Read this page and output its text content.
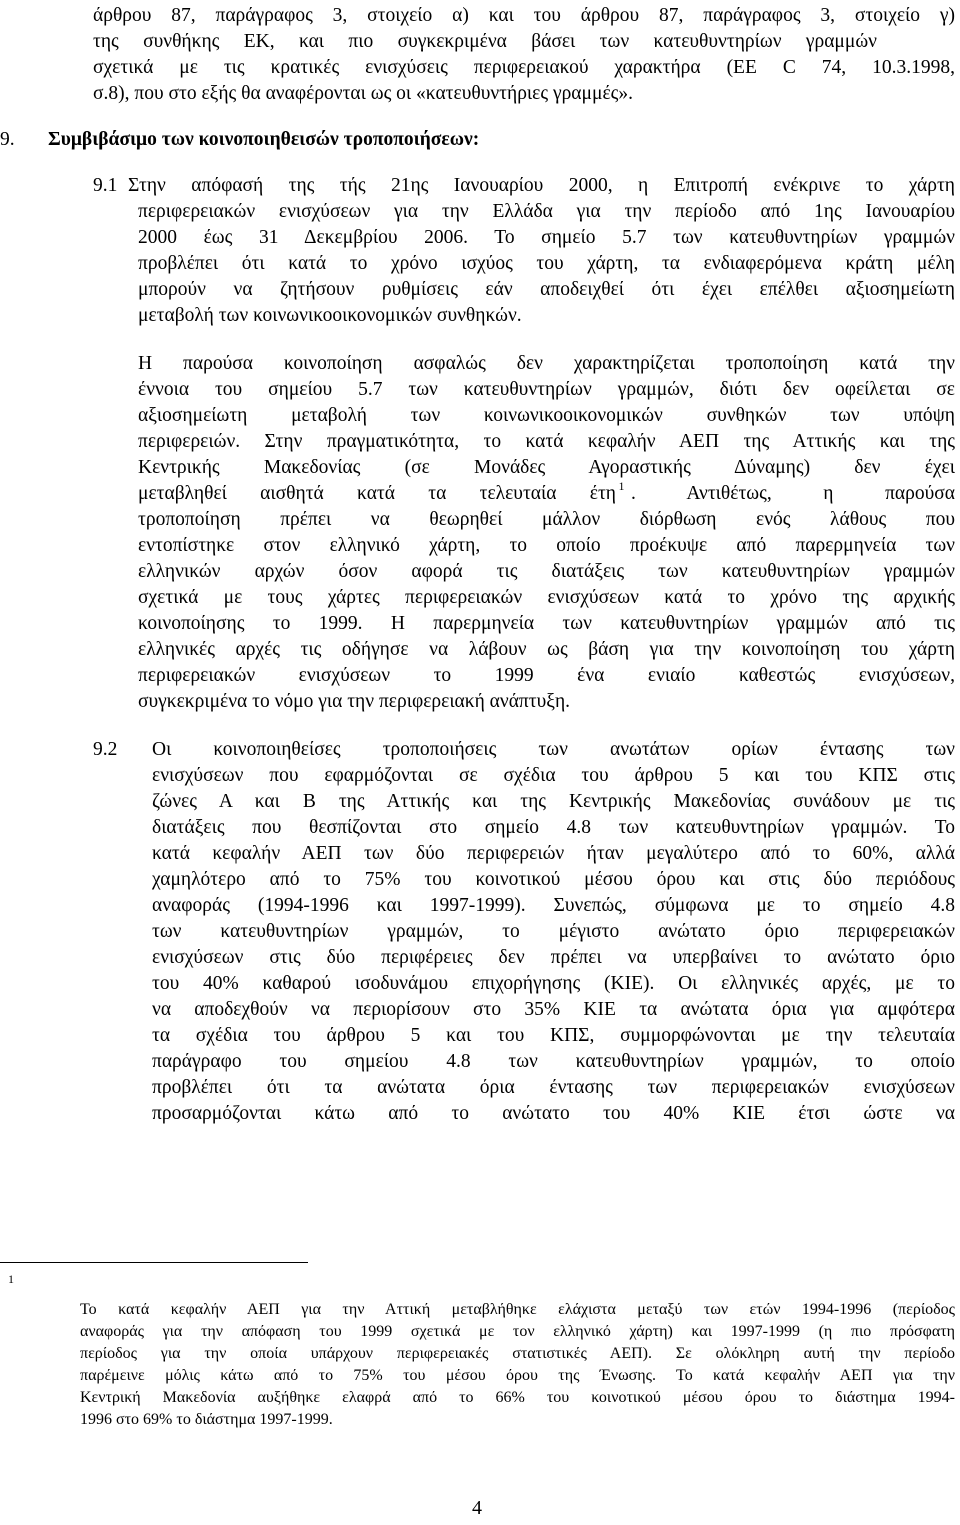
άρθρου 87, παράγραφος 3, στοιχείο α) και του άρθρου 87, παράγραφος 3, στοιχείο γ)
της συνθήκης ΕΚ, και πιο συγκεκριμένα βάσει των κατευθυντηρίων γραμμών
σχετικά με τις κρατικές ενισχύσεις περιφερειακού χαρακτήρα (ΕΕ C 74, 10.3.1998,
σ.8), που στο εξής θα αναφέρονται ως οι «κατευθυντήριες γραμμές».
9. Συμβιβάσιμο των κοινοποιηθεισών τροποποιήσεων:
9.1 Στην απόφασή της τής 21ης Ιανουαρίου 2000, η Επιτροπή ενέκρινε το χάρτη
περιφερειακών ενισχύσεων για την Ελλάδα για την περίοδο από 1ης Ιανουαρίου
2000 έως 31 Δεκεμβρίου 2006. Το σημείο 5.7 των κατευθυντηρίων γραμμών
προβλέπει ότι κατά το χρόνο ισχύος του χάρτη, τα ενδιαφερόμενα κράτη μέλη
μπορούν να ζητήσουν ρυθμίσεις εάν αποδειχθεί ότι έχει επέλθει αξιοσημείωτη
μεταβολή των κοινωνικοοικονομικών συνθηκών.
Η παρούσα κοινοποίηση ασφαλώς δεν χαρακτηρίζεται τροποποίηση κατά την
έννοια του σημείου 5.7 των κατευθυντηρίων γραμμών, διότι δεν οφείλεται σε
αξιοσημείωτη μεταβολή των κοινωνικοοικονομικών συνθηκών των υπόψη
περιφερειών. Στην πραγματικότητα, το κατά κεφαλήν ΑΕΠ της Αττικής και της
Κεντρικής Μακεδονίας (σε Μονάδες Αγοραστικής Δύναμης) δεν έχει
μεταβληθεί αισθητά κατά τα τελευταία έτη 1 . Αντιθέτως, η παρούσα
τροποποίηση πρέπει να θεωρηθεί μάλλον διόρθωση ενός λάθους που
εντοπίστηκε στον ελληνικό χάρτη, το οποίο προέκυψε από παρερμηνεία των
ελληνικών αρχών όσον αφορά τις διατάξεις των κατευθυντηρίων γραμμών
σχετικά με τους χάρτες περιφερειακών ενισχύσεων κατά το χρόνο της αρχικής
κοινοποίησης το 1999. Η παρερμηνεία των κατευθυντηρίων γραμμών από τις
ελληνικές αρχές τις οδήγησε να λάβουν ως βάση για την κοινοποίηση του χάρτη
περιφερειακών ενισχύσεων το 1999 ένα ενιαίο καθεστώς ενισχύσεων,
συγκεκριμένα το νόμο για την περιφερειακή ανάπτυξη.
9.2 Οι κοινοποιηθείσες τροποποιήσεις των ανωτάτων ορίων έντασης των
ενισχύσεων που εφαρμόζονται σε σχέδια του άρθρου 5 και του ΚΠΣ στις
ζώνες Α και Β της Αττικής και της Κεντρικής Μακεδονίας συνάδουν με τις
διατάξεις που θεσπίζονται στο σημείο 4.8 των κατευθυντηρίων γραμμών. Το
κατά κεφαλήν ΑΕΠ των δύο περιφερειών ήταν μεγαλύτερο από το 60%, αλλά
χαμηλότερο από το 75% του κοινοτικού μέσου όρου και στις δύο περιόδους
αναφοράς (1994-1996 και 1997-1999). Συνεπώς, σύμφωνα με το σημείο 4.8
των κατευθυντηρίων γραμμών, το μέγιστο ανώτατο όριο περιφερειακών
ενισχύσεων στις δύο περιφέρειες δεν πρέπει να υπερβαίνει το ανώτατο όριο
του 40% καθαρού ισοδυνάμου επιχορήγησης (ΚΙΕ). Οι ελληνικές αρχές, με το
να αποδεχθούν να περιορίσουν στο 35% ΚΙΕ τα ανώτατα όρια για αμφότερα
τα σχέδια του άρθρου 5 και του ΚΠΣ, συμμορφώνονται με την τελευταία
παράγραφο του σημείου 4.8 των κατευθυντηρίων γραμμών, το οποίο
προβλέπει ότι τα ανώτατα όρια έντασης των περιφερειακών ενισχύσεων
προσαρμόζονται κάτω από το ανώτατο του 40% ΚΙΕ έτσι ώστε να
1
Το κατά κεφαλήν ΑΕΠ για την Αττική μεταβλήθηκε ελάχιστα μεταξύ των ετών 1994-1996 (περίοδος
αναφοράς για την απόφαση του 1999 σχετικά με τον ελληνικό χάρτη) και 1997-1999 (η πιο πρόσφατη
περίοδος για την οποία υπάρχουν περιφερειακές στατιστικές ΑΕΠ). Σε ολόκληρη αυτή την περίοδο
παρέμεινε μόλις κάτω από το 75% του μέσου όρου της Ένωσης. Το κατά κεφαλήν ΑΕΠ για την
Κεντρική Μακεδονία αυξήθηκε ελαφρά από το 66% του κοινοτικού μέσου όρου το διάστημα 1994-
1996 στο 69% το διάστημα 1997-1999.
4
